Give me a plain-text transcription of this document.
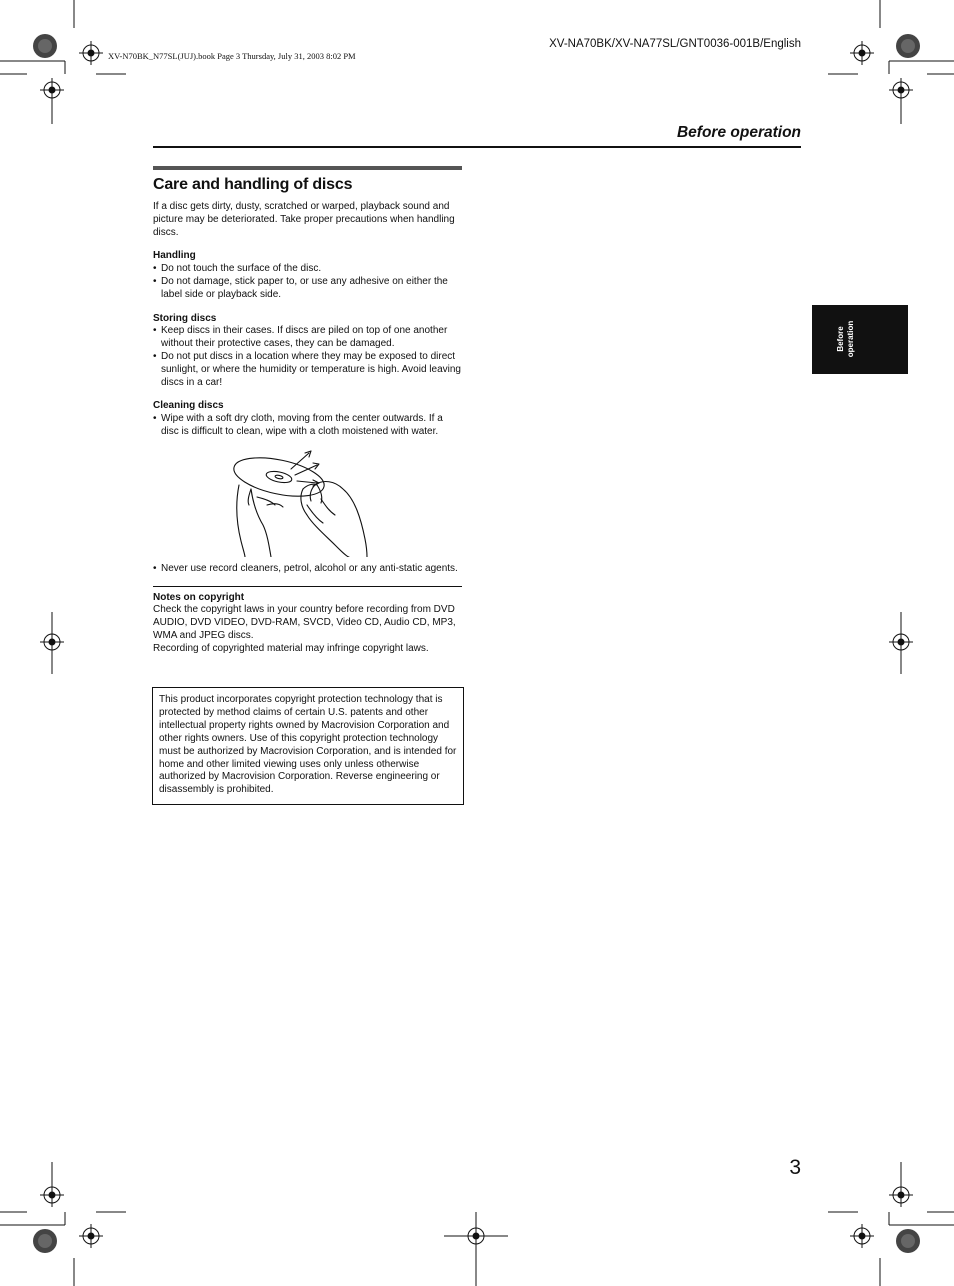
XV-N70BK_N77SL(JUJ).book Page 3 Thursday, July 31, 2003 8:02 PM
XV-NA70BK/XV-NA77SL/GNT0036-001B/English
Before operation
Before operation
Care and handling of discs

If a disc gets dirty, dusty, scratched or warped, playback sound and picture may be deteriorated. Take proper precautions when handling discs.

Handling

• Do not touch the surface of the disc.
• Do not damage, stick paper to, or use any adhesive on either the label side or playback side.

Storing discs

• Keep discs in their cases. If discs are piled on top of one another without their protective cases, they can be damaged.
• Do not put discs in a location where they may be exposed to direct sunlight, or where the humidity or temperature is high. Avoid leaving discs in a car!

Cleaning discs

• Wipe with a soft dry cloth, moving from the center outwards. If a disc is difficult to clean, wipe with a cloth moistened with water.
• Never use record cleaners, petrol, alcohol or any anti-static agents.

Notes on copyright

Check the copyright laws in your country before recording from DVD AUDIO, DVD VIDEO, DVD-RAM, SVCD, Video CD, Audio CD, MP3, WMA and JPEG discs.

Recording of copyrighted material may infringe copyright laws.

This product incorporates copyright protection technology that is protected by method claims of certain U.S. patents and other intellectual property rights owned by Macrovision Corporation and other rights owners. Use of this copyright protection technology must be authorized by Macrovision Corporation, and is intended for home and other limited viewing uses only unless otherwise authorized by Macrovision Corporation. Reverse engineering or disassembly is prohibited.

3
